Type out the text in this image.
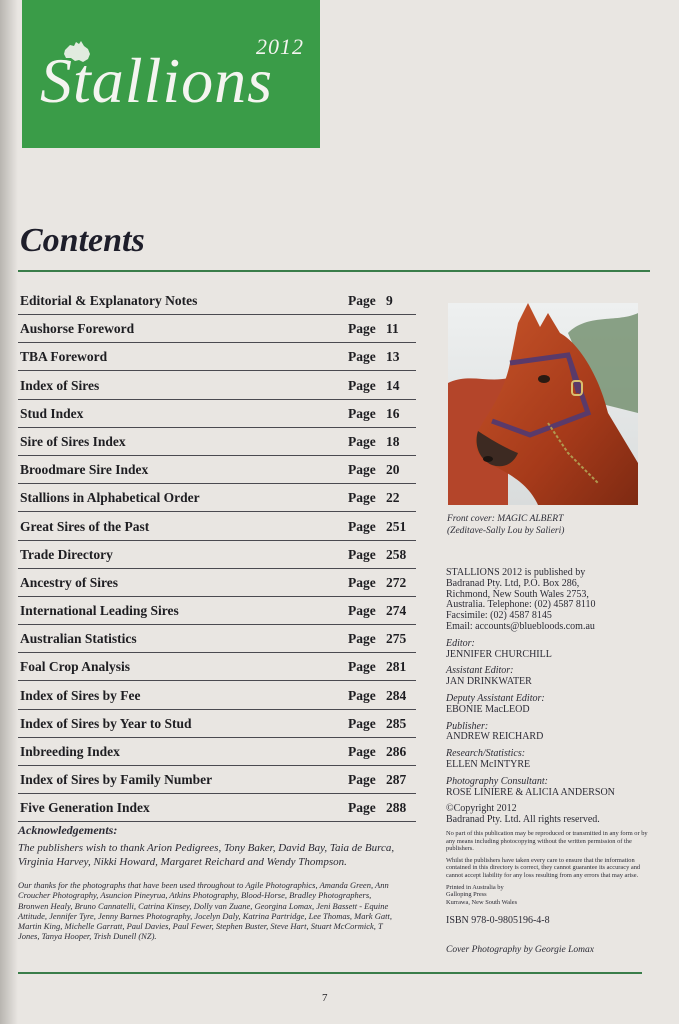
2012
Stallions
Contents
Editorial & Explanatory Notes	Page 9
Aushorse Foreword	Page 11
TBA Foreword	Page 13
Index of Sires	Page 14
Stud Index	Page 16
Sire of Sires Index	Page 18
Broodmare Sire Index	Page 20
Stallions in Alphabetical Order	Page 22
Great Sires of the Past	Page 251
Trade Directory	Page 258
Ancestry of Sires	Page 272
International Leading Sires	Page 274
Australian Statistics	Page 275
Foal Crop Analysis	Page 281
Index of Sires by Fee	Page 284
Index of Sires by Year to Stud	Page 285
Inbreeding Index	Page 286
Index of Sires by Family Number	Page 287
Five Generation Index	Page 288
Acknowledgements:
The publishers wish to thank Arion Pedigrees, Tony Baker, David Bay, Taia de Burca, Virginia Harvey, Nikki Howard, Margaret Reichard and Wendy Thompson.
Our thanks for the photographs that have been used throughout to Agile Photographics, Amanda Green, Ann Croucher Photography, Asuncion Pineyrua, Atkins Photography, Blood-Horse, Bradley Photographers, Bronwen Healy, Bruno Cannatelli, Catrina Kinsey, Dolly van Zuane, Georgina Lomax, Jeni Bassett - Equine Attitude, Jennifer Tyre, Jenny Barnes Photography, Jocelyn Daly, Katrina Partridge, Lee Thomas, Mark Gatt, Martin King, Michelle Garratt, Paul Davies, Paul Fewer, Stephen Buster, Steve Hart, Stuart McCormick, T Jones, Tanya Hooper, Trish Dunell (NZ).
Front cover: MAGIC ALBERT
(Zeditave-Sally Lou by Salieri)
STALLIONS 2012 is published by
Badranad Pty. Ltd, P.O. Box 286,
Richmond, New South Wales 2753,
Australia. Telephone: (02) 4587 8110
Facsimile: (02) 4587 8145
Email: accounts@bluebloods.com.au
Editor:
JENNIFER CHURCHILL
Assistant Editor:
JAN DRINKWATER
Deputy Assistant Editor:
EBONIE MacLEOD
Publisher:
ANDREW REICHARD
Research/Statistics:
ELLEN McINTYRE
Photography Consultant:
ROSE LINIERE & ALICIA ANDERSON
©Copyright 2012
Badranad Pty. Ltd. All rights reserved.
No part of this publication may be reproduced or transmitted in any form or by any means including photocopying without the written permission of the publishers.
Whilst the publishers have taken every care to ensure that the information contained in this directory is correct, they cannot guarantee its accuracy and cannot accept liability for any loss resulting from any errors that may arise.
Printed in Australia by
Galloping Press
Kurrawa, New South Wales
ISBN 978-0-9805196-4-8
Cover Photography by Georgie Lomax
7
